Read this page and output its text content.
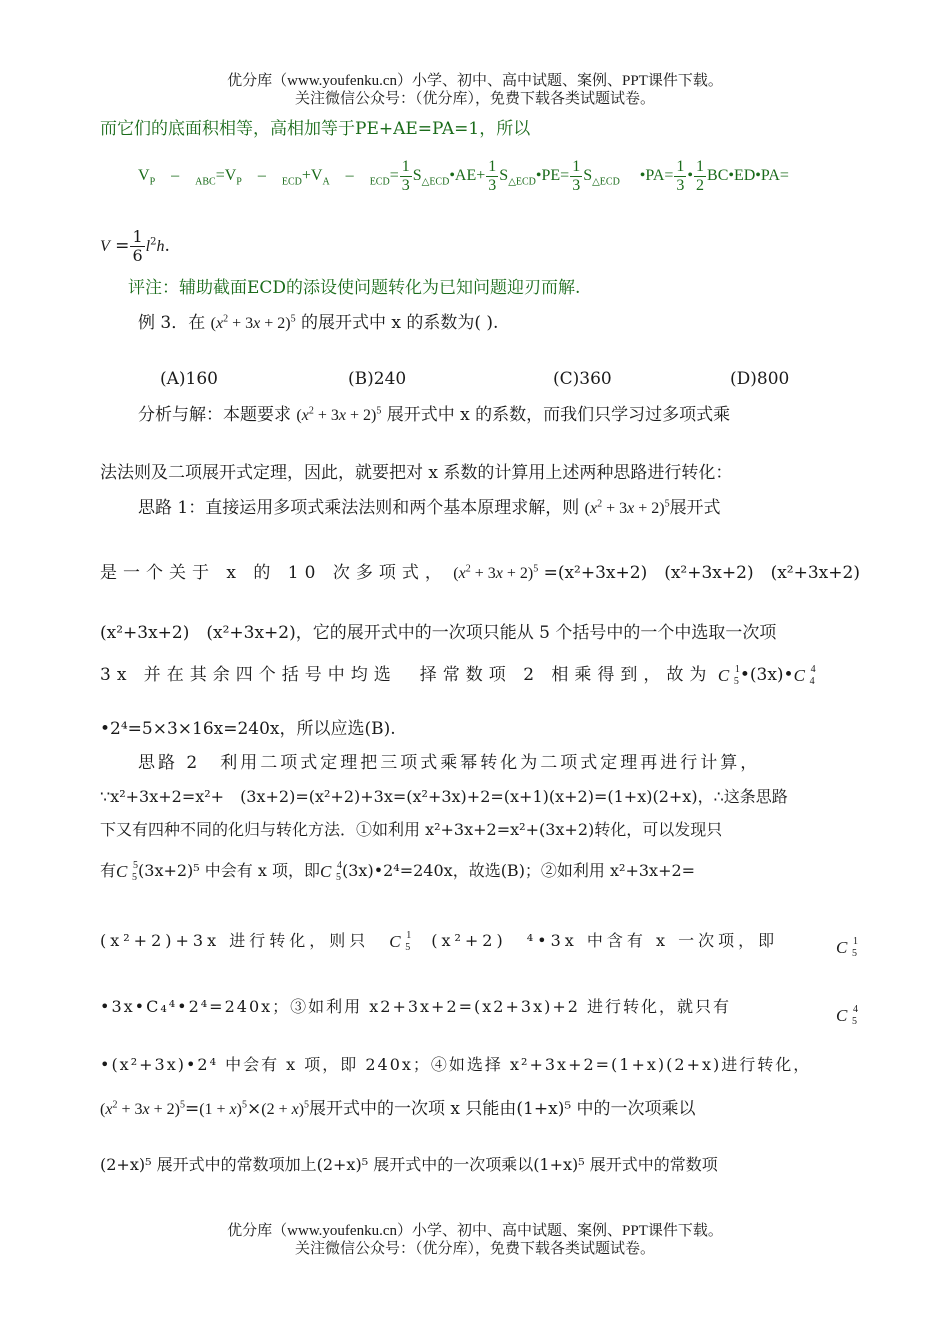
优分库（www.youfenku.cn）小学、初中、高中试题、案例、PPT课件下载。
关注微信公众号：（优分库），免费下载各类试题试卷。
而它们的底面积相等，高相加等于PE+AE=PA=1，所以
$V_P$　–　$_{ABC}=V_P$　–　$_{ECD}+V_A$　–　$_{ECD}= \frac{1}{3}$ $S_{\triangle ECD}•AE+ \frac{1}{3}$ $S_{\triangle ECD}•PE= \frac{1}{3} S_{\triangle ECD}$　 •PA= $\frac{1}{3}$ • $\frac{1}{2}$ BC•ED•PA=
$V = \frac{1}{6} l^2h$.
评注：辅助截面ECD的添设使问题转化为已知问题迎刃而解.
例 3．在 $(x^2 + 3x + 2)^5$ 的展开式中 x 的系数为( ).
(A)160	(B)240	(C)360	(D)800
分析与解：本题要求 $(x^2 + 3x + 2)^5$ 展开式中 x 的系数，而我们只学习过多项式乘
法法则及二项展开式定理，因此，就要把对 x 系数的计算用上述两种思路进行转化：
思路 1：直接运用多项式乘法法则和两个基本原理求解，则 $(x^2 + 3x + 2)^5$展开式
是一个关于 x 的 10 次多项式， $(x^2 + 3x + 2)^5 =(x^2+3x+2)$　(x²+3x+2)　(x²+3x+2)
(x²+3x+2)　(x²+3x+2)，它的展开式中的一次项只能从 5 个括号中的一个中选取一次项
3x 并在其余四个括号中均选　择常数项 2 相乘得到，故为 C 1
5 •(3x)•C 4
4
•2⁴=5×3×16x=240x，所以应选(B).
思路 2　利用二项式定理把三项式乘幂转化为二项式定理再进行计算，
∵x²+3x+2=x²+　(3x+2)=(x²+2)+3x=(x²+3x)+2=(x+1)(x+2)=(1+x)(2+x)，∴这条思路
下又有四种不同的化归与转化方法．①如利用 x²+3x+2=x²+(3x+2)转化，可以发现只
有C 5
5 (3x+2)⁵ 中会有 x 项，即C 4
5 (3x)•2⁴=240x，故选(B)；②如利用 x²+3x+2=
(x²+2)+3x 进行转化，则只 C 1
5 (x²+2)　⁴•3x 中含有 x 一次项，即	C 1
5
•3x•C₄⁴•2⁴=240x；③如利用 x2+3x+2=(x2+3x)+2 进行转化，就只有	C 4
5
•(x²+3x)•2⁴ 中会有 x 项，即 240x；④如选择 x²+3x+2=(1+x)(2+x)进行转化，
$(x^2 + 3x + 2)^5=(1 + x)^5\times(2 + x)^5$展开式中的一次项 x 只能由(1+x)⁵ 中的一次项乘以
(2+x)⁵ 展开式中的常数项加上(2+x)⁵ 展开式中的一次项乘以(1+x)⁵ 展开式中的常数项
优分库（www.youfenku.cn）小学、初中、高中试题、案例、PPT课件下载。
关注微信公众号：（优分库），免费下载各类试题试卷。
